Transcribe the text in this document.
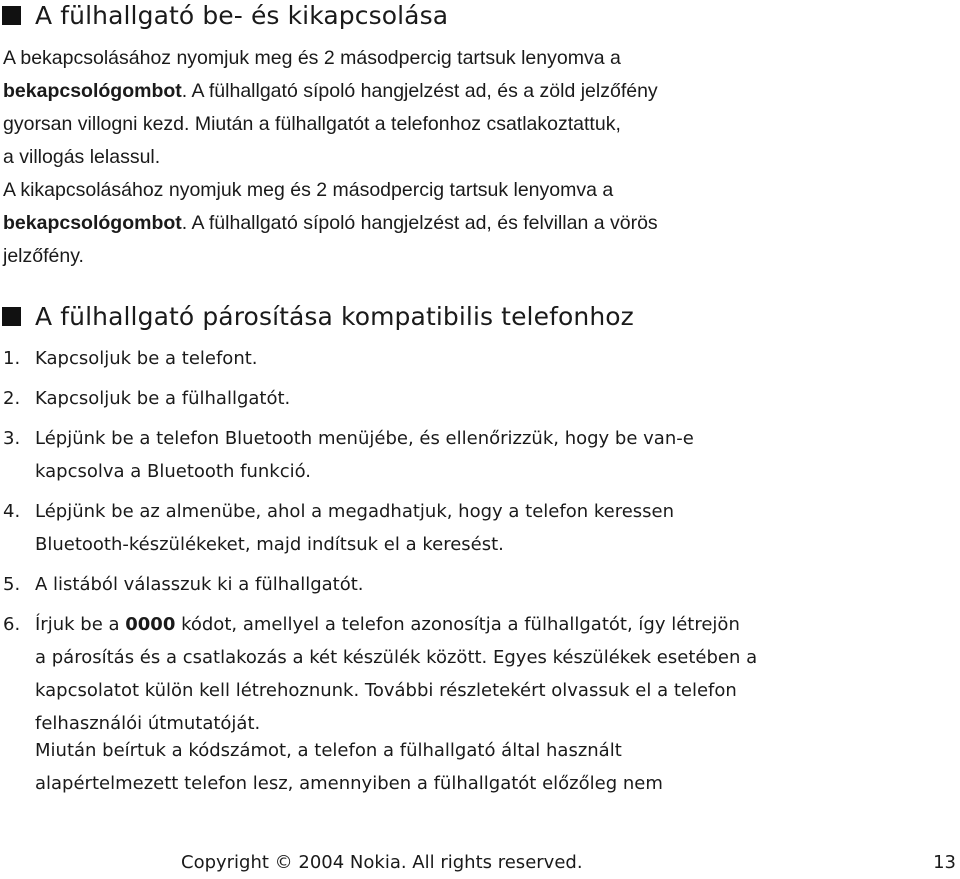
A fülhallgató be- és kikapcsolása

A bekapcsolásához nyomjuk meg és 2 másodpercig tartsuk lenyomva a
bekapcsológombot. A fülhallgató sípoló hangjelzést ad, és a zöld jelzőfény
gyorsan villogni kezd. Miután a fülhallgatót a telefonhoz csatlakoztattuk,
a villogás lelassul.

A kikapcsolásához nyomjuk meg és 2 másodpercig tartsuk lenyomva a
bekapcsológombot. A fülhallgató sípoló hangjelzést ad, és felvillan a vörös
jelzőfény.

A fülhallgató párosítása kompatibilis telefonhoz
1. Kapcsoljuk be a telefont.
2. Kapcsoljuk be a fülhallgatót.
3. Lépjünk be a telefon Bluetooth menüjébe, és ellenőrizzük, hogy be van-e
kapcsolva a Bluetooth funkció.
4. Lépjünk be az almenübe, ahol a megadhatjuk, hogy a telefon keressen
Bluetooth-készülékeket, majd indítsuk el a keresést.
5. A listából válasszuk ki a fülhallgatót.
6. Írjuk be a 0000 kódot, amellyel a telefon azonosítja a fülhallgatót, így létrejön
a párosítás és a csatlakozás a két készülék között. Egyes készülékek esetében a
kapcsolatot külön kell létrehoznunk. További részletekért olvassuk el a telefon
felhasználói útmutatóját.

Miután beírtuk a kódszámot, a telefon a fülhallgató által használt
alapértelmezett telefon lesz, amennyiben a fülhallgatót előzőleg nem

Copyright © 2004 Nokia. All rights reserved.	13
